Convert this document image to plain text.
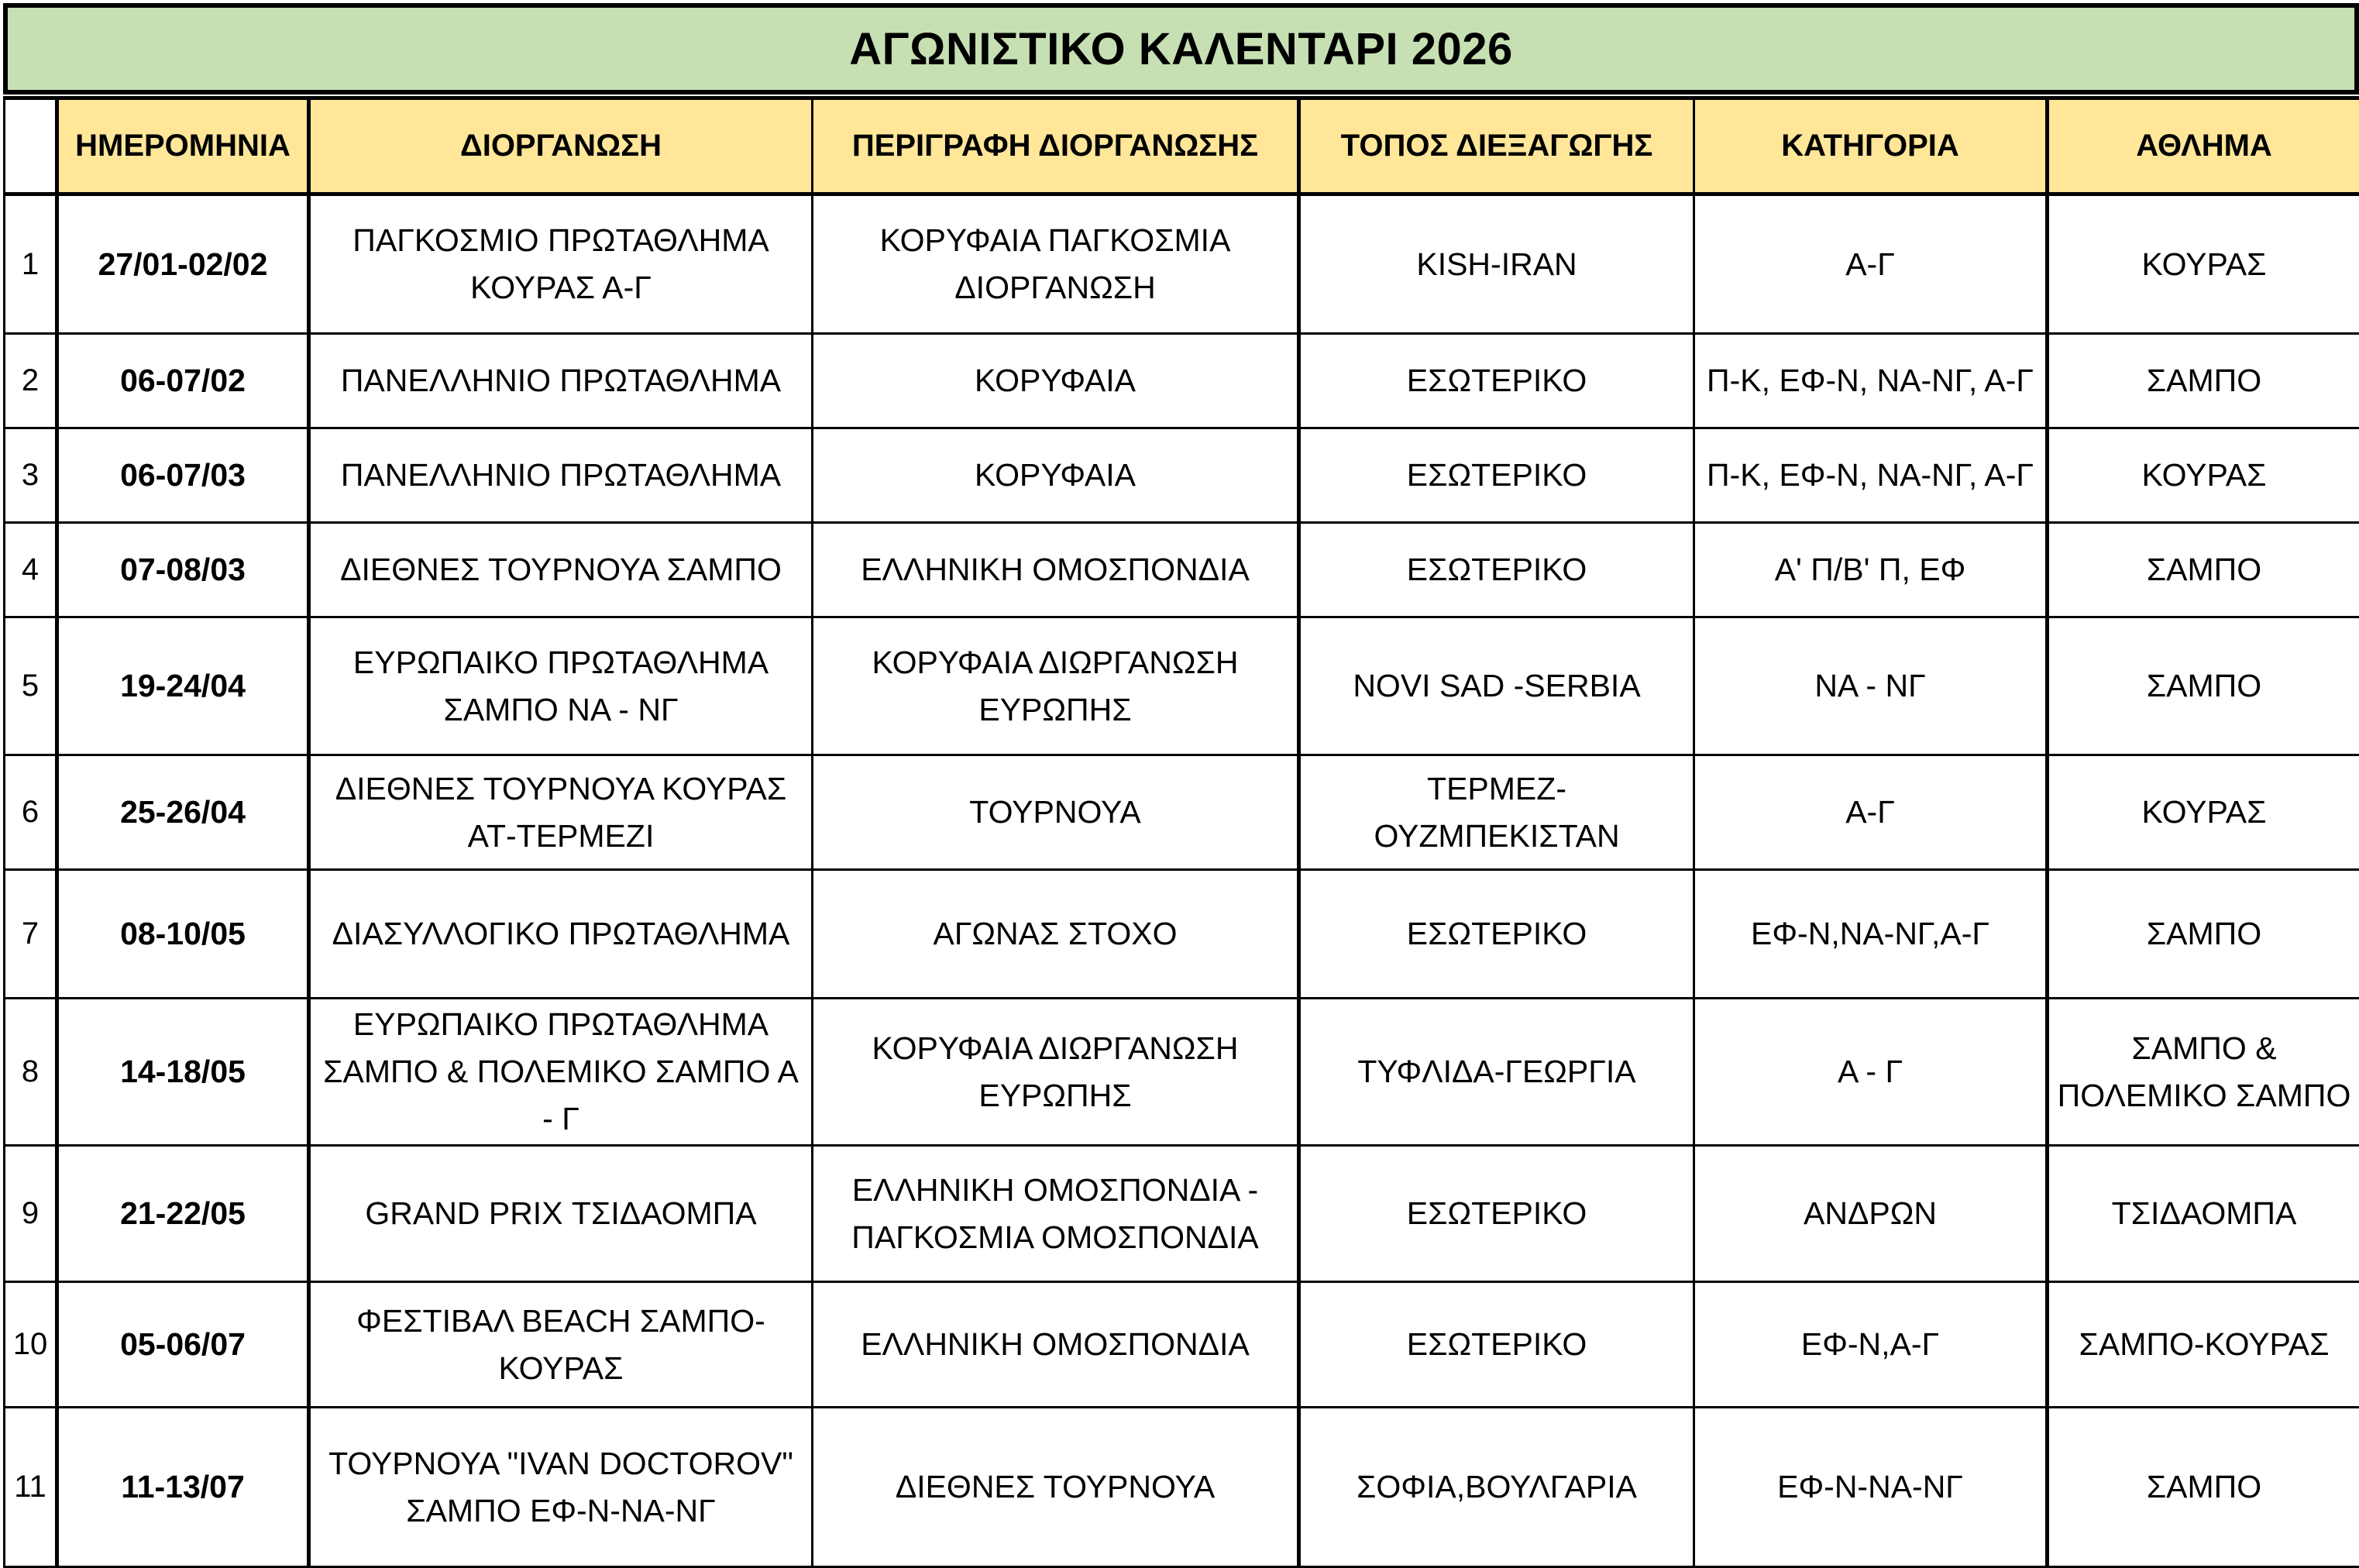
ΑΓΩΝΙΣΤΙΚΟ ΚΑΛΕΝΤΑΡΙ 2026
	ΗΜΕΡΟΜΗΝΙΑ	ΔΙΟΡΓΑΝΩΣΗ	ΠΕΡΙΓΡΑΦΗ ΔΙΟΡΓΑΝΩΣΗΣ	ΤΟΠΟΣ ΔΙΕΞΑΓΩΓΗΣ	ΚΑΤΗΓΟΡΙΑ	ΑΘΛΗΜΑ
1	27/01-02/02	ΠΑΓΚΟΣΜΙΟ ΠΡΩΤΑΘΛΗΜΑ ΚΟΥΡΑΣ Α-Γ	ΚΟΡΥΦΑΙΑ ΠΑΓΚΟΣΜΙΑ ΔΙΟΡΓΑΝΩΣΗ	KISH-IRAN	Α-Γ	ΚΟΥΡΑΣ
2	06-07/02	ΠΑΝΕΛΛΗΝΙΟ ΠΡΩΤΑΘΛΗΜΑ	ΚΟΡΥΦΑΙΑ	ΕΣΩΤΕΡΙΚΟ	Π-Κ, ΕΦ-Ν, ΝΑ-ΝΓ, Α-Γ	ΣΑΜΠΟ
3	06-07/03	ΠΑΝΕΛΛΗΝΙΟ ΠΡΩΤΑΘΛΗΜΑ	ΚΟΡΥΦΑΙΑ	ΕΣΩΤΕΡΙΚΟ	Π-Κ, ΕΦ-Ν, ΝΑ-ΝΓ, Α-Γ	ΚΟΥΡΑΣ
4	07-08/03	ΔΙΕΘΝΕΣ ΤΟΥΡΝΟΥΑ ΣΑΜΠΟ	ΕΛΛΗΝΙΚΗ ΟΜΟΣΠΟΝΔΙΑ	ΕΣΩΤΕΡΙΚΟ	Α' Π/Β' Π, ΕΦ	ΣΑΜΠΟ
5	19-24/04	ΕΥΡΩΠΑΙΚΟ ΠΡΩΤΑΘΛΗΜΑ ΣΑΜΠΟ ΝΑ - ΝΓ	ΚΟΡΥΦΑΙΑ ΔΙΩΡΓΑΝΩΣΗ ΕΥΡΩΠΗΣ	NOVI SAD -SERBIA	ΝΑ - ΝΓ	ΣΑΜΠΟ
6	25-26/04	ΔΙΕΘΝΕΣ ΤΟΥΡΝΟΥΑ ΚΟΥΡΑΣ ΑΤ-ΤΕΡΜΕΖΙ	ΤΟΥΡΝΟΥΑ	ΤΕΡΜΕΖ-ΟΥΖΜΠΕΚΙΣΤΑΝ	Α-Γ	ΚΟΥΡΑΣ
7	08-10/05	ΔΙΑΣΥΛΛΟΓΙΚΟ ΠΡΩΤΑΘΛΗΜΑ	ΑΓΩΝΑΣ ΣΤΟΧΟ	ΕΣΩΤΕΡΙΚΟ	ΕΦ-Ν,ΝΑ-ΝΓ,Α-Γ	ΣΑΜΠΟ
8	14-18/05	ΕΥΡΩΠΑΙΚΟ ΠΡΩΤΑΘΛΗΜΑ ΣΑΜΠΟ & ΠΟΛΕΜΙΚΟ ΣΑΜΠΟ Α - Γ	ΚΟΡΥΦΑΙΑ ΔΙΩΡΓΑΝΩΣΗ ΕΥΡΩΠΗΣ	ΤΥΦΛΙΔΑ-ΓΕΩΡΓΙΑ	Α - Γ	ΣΑΜΠΟ & ΠΟΛΕΜΙΚΟ ΣΑΜΠΟ
9	21-22/05	GRAND PRIX ΤΣΙΔΑΟΜΠΑ	ΕΛΛΗΝΙΚΗ ΟΜΟΣΠΟΝΔΙΑ - ΠΑΓΚΟΣΜΙΑ ΟΜΟΣΠΟΝΔΙΑ	ΕΣΩΤΕΡΙΚΟ	ΑΝΔΡΩΝ	ΤΣΙΔΑΟΜΠΑ
10	05-06/07	ΦΕΣΤΙΒΑΛ BEACH ΣΑΜΠΟ-ΚΟΥΡΑΣ	ΕΛΛΗΝΙΚΗ ΟΜΟΣΠΟΝΔΙΑ	ΕΣΩΤΕΡΙΚΟ	ΕΦ-Ν,Α-Γ	ΣΑΜΠΟ-ΚΟΥΡΑΣ
11	11-13/07	ΤΟΥΡΝΟΥΑ "IVAN DOCTOROV" ΣΑΜΠΟ ΕΦ-Ν-ΝΑ-ΝΓ	ΔΙΕΘΝΕΣ ΤΟΥΡΝΟΥΑ	ΣΟΦΙΑ,ΒΟΥΛΓΑΡΙΑ	ΕΦ-Ν-ΝΑ-ΝΓ	ΣΑΜΠΟ
